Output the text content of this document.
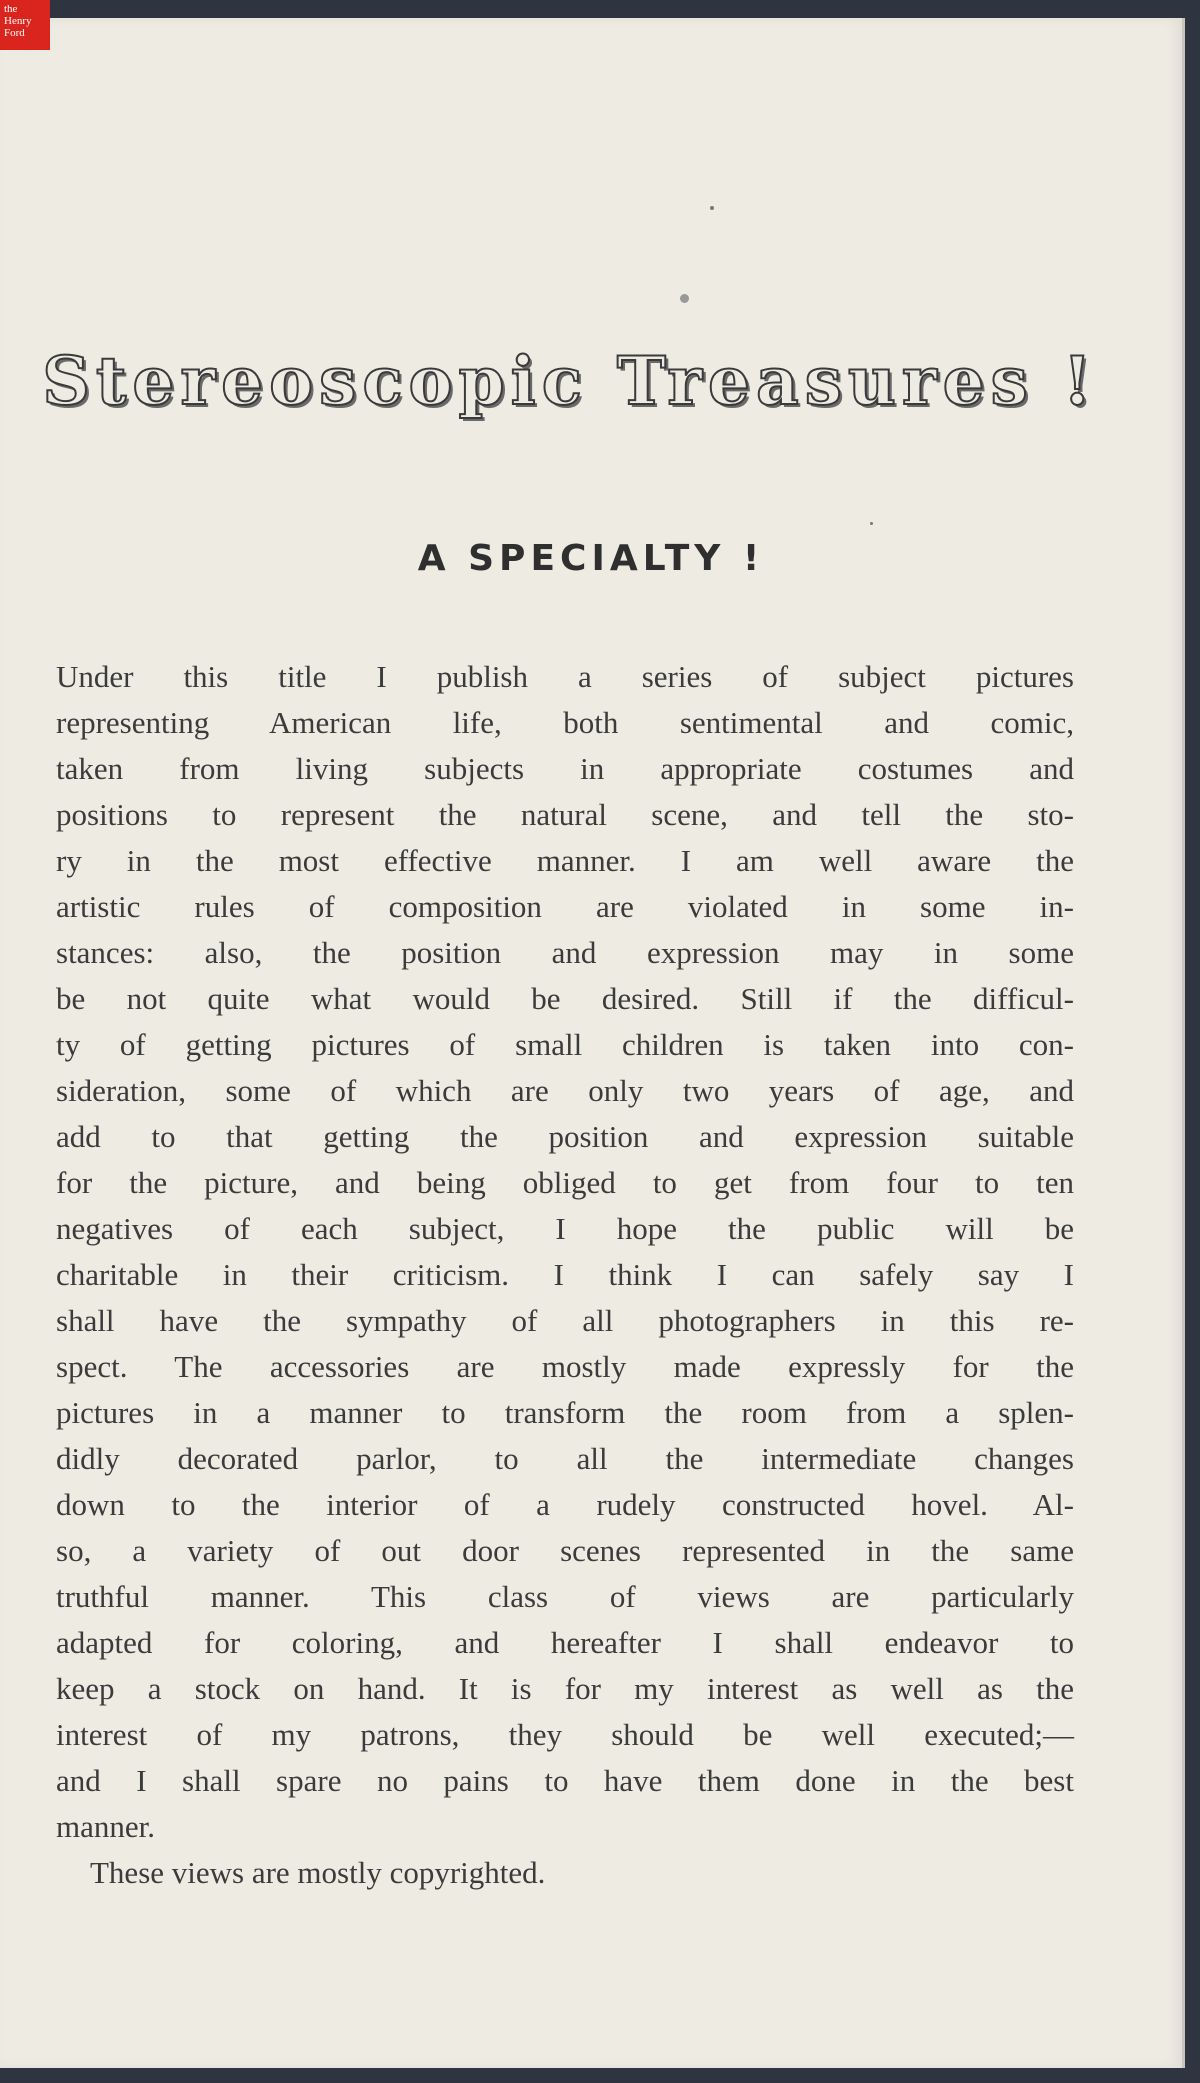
Stereoscopic Treasures !
A SPECIALTY !
Under this title I publish a series of subject pictures
representing American life, both sentimental and comic,
taken from living subjects in appropriate costumes and
positions to represent the natural scene, and tell the sto-
ry in the most effective manner. I am well aware the
artistic rules of composition are violated in some in-
stances: also, the position and expression may in some
be not quite what would be desired. Still if the difficul-
ty of getting pictures of small children is taken into con-
sideration, some of which are only two years of age, and
add to that getting the position and expression suitable
for the picture, and being obliged to get from four to ten
negatives of each subject, I hope the public will be
charitable in their criticism. I think I can safely say I
shall have the sympathy of all photographers in this re-
spect. The accessories are mostly made expressly for the
pictures in a manner to transform the room from a splen-
didly decorated parlor, to all the intermediate changes
down to the interior of a rudely constructed hovel. Al-
so, a variety of out door scenes represented in the same
truthful manner. This class of views are particularly
adapted for coloring, and hereafter I shall endeavor to
keep a stock on hand. It is for my interest as well as the
interest of my patrons, they should be well executed;—
and I shall spare no pains to have them done in the best
manner.
These views are mostly copyrighted.
the
Henry
Ford
